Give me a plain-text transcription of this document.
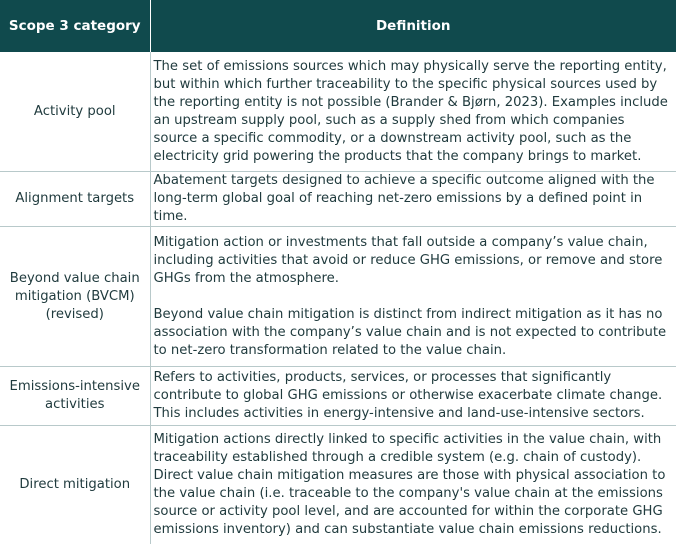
Scope 3 category	Definition
Activity pool	The set of emissions sources which may physically serve the reporting entity, but within which further traceability to the specific physical sources used by the reporting entity is not possible (Brander & Bjørn, 2023). Examples include an upstream supply pool, such as a supply shed from which companies source a specific commodity, or a downstream activity pool, such as the electricity grid powering the products that the company brings to market.

Alignment targets	Abatement targets designed to achieve a specific outcome aligned with the long-term global goal of reaching net-zero emissions by a defined point in time.

Beyond value chain mitigation (BVCM) (revised)	Mitigation action or investments that fall outside a company’s value chain, including activities that avoid or reduce GHG emissions, or remove and store GHGs from the atmosphere.
Beyond value chain mitigation is distinct from indirect mitigation as it has no association with the company’s value chain and is not expected to contribute to net-zero transformation related to the value chain.

Emissions-intensive activities	Refers to activities, products, services, or processes that significantly contribute to global GHG emissions or otherwise exacerbate climate change. This includes activities in energy-intensive and land-use-intensive sectors.

Direct mitigation	Mitigation actions directly linked to specific activities in the value chain, with traceability established through a credible system (e.g. chain of custody). Direct value chain mitigation measures are those with physical association to the value chain (i.e. traceable to the company's value chain at the emissions source or activity pool level, and are accounted for within the corporate GHG emissions inventory) and can substantiate value chain emissions reductions.
